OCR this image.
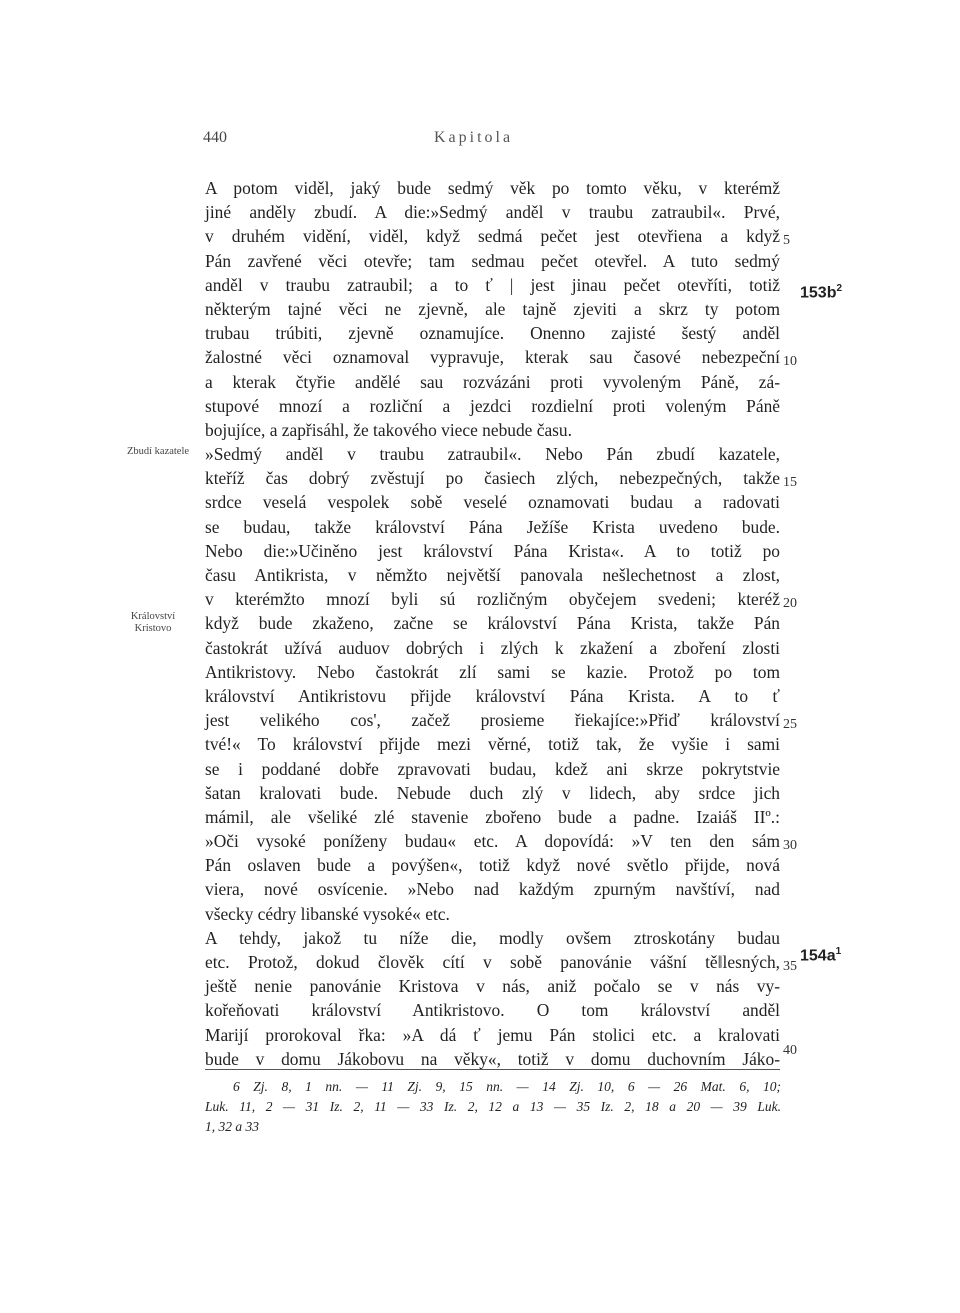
440	Kapitola
A potom viděl, jaký bude sedmý věk po tomto věku, v kterémž
jiné anděly zbudí. A die:»Sedmý anděl v traubu zatraubil«. Prvé,
v druhém vidění, viděl, když sedmá pečet jest otevřiena a když
Pán zavřené věci otevře; tam sedmau pečet otevřel. A tuto sedmý
anděl v traubu zatraubil; a to ť | jest jinau pečet otevříti, totiž
některým tajné věci ne zjevně, ale tajně zjeviti a skrz ty potom
trubau trúbiti, zjevně oznamujíce. Onenno zajisté šestý anděl
žalostné věci oznamoval vypravuje, kterak sau časové nebezpeční
a kterak čtyřie andělé sau rozvázáni proti vyvoleným Páně, zá-
stupové mnozí a rozliční a jezdci rozdielní proti voleným Páně
bojujíce, a zapřisáhl, že takového viece nebude času.
»Sedmý anděl v traubu zatraubil«. Nebo Pán zbudí kazatele,
kteříž čas dobrý zvěstují po časiech zlých, nebezpečných, takže
srdce veselá vespolek sobě veselé oznamovati budau a radovati
se budau, takže království Pána Ježíše Krista uvedeno bude.
Nebo die:»Učiněno jest království Pána Krista«. A to totiž po
času Antikrista, v němžto největší panovala nešlechetnost a zlost,
v kterémžto mnozí byli sú rozličným obyčejem svedeni; kteréž
když bude zkaženo, začne se království Pána Krista, takže Pán
častokrát užívá auduov dobrých i zlých k zkažení a zboření zlosti
Antikristovy. Nebo častokrát zlí sami se kazie. Protož po tom
království Antikristovu přijde království Pána Krista. A to ť
jest velikého cos', začež prosieme řiekajíce:»Přiď království
tvé!« To království přijde mezi věrné, totiž tak, že vyšie i sami
se i poddané dobře zpravovati budau, kdež ani skrze pokrytstvie
šatan kralovati bude. Nebude duch zlý v lidech, aby srdce jich
mámil, ale všeliké zlé stavenie zbořeno bude a padne. Izaiáš IIº.:
»Oči vysoké poníženy budau« etc. A dopovídá: »V ten den sám
Pán oslaven bude a povýšen«, totiž když nové světlo přijde, nová
viera, nové osvícenie. »Nebo nad každým zpurným navštíví, nad
všecky cédry libanské vysoké« etc.
A tehdy, jakož tu níže die, modly ovšem ztroskotány budau
etc. Protož, dokud člověk cítí v sobě panovánie vášní tě‖lesných,
ještě nenie panovánie Kristova v nás, aniž počalo se v nás vy-
kořeňovati království Antikristovo. O tom království anděl
Marijí prorokoval řka: »A dá ť jemu Pán stolici etc. a kralovati
bude v domu Jákobovu na věky«, totiž v domu duchovním Jáko-
5
10
15
20
25
30
35
40
Zbudí kazatele
Království
Kristovo
$153b^2$
$154a^1$
6 Zj. 8, 1 nn. — 11 Zj. 9, 15 nn. — 14 Zj. 10, 6 — 26 Mat. 6, 10;
Luk. 11, 2 — 31 Iz. 2, 11 — 33 Iz. 2, 12 a 13 — 35 Iz. 2, 18 a 20 — 39 Luk.
1, 32 a 33
